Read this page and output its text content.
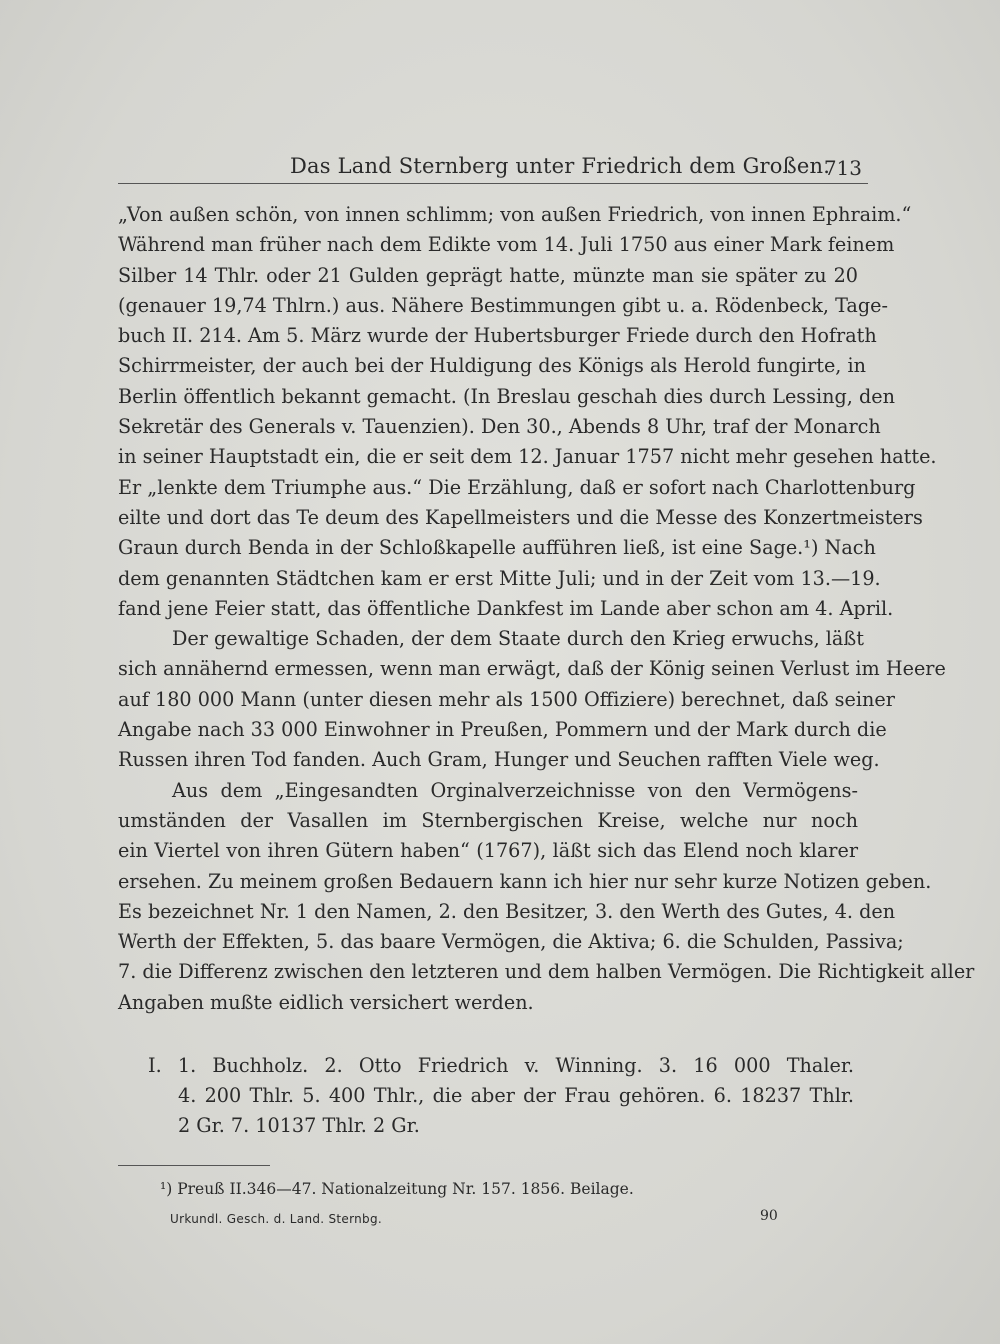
Das Land Sternberg unter Friedrich dem Großen.
713
„Von außen schön, von innen schlimm; von außen Friedrich, von innen Ephraim.“
Während man früher nach dem Edikte vom 14. Juli 1750 aus einer Mark feinem
Silber 14 Thlr. oder 21 Gulden geprägt hatte, münzte man sie später zu 20
(genauer 19,74 Thlrn.) aus. Nähere Bestimmungen gibt u. a. Rödenbeck, Tage-
buch II. 214. Am 5. März wurde der Hubertsburger Friede durch den Hofrath
Schirrmeister, der auch bei der Huldigung des Königs als Herold fungirte, in
Berlin öffentlich bekannt gemacht. (In Breslau geschah dies durch Lessing, den
Sekretär des Generals v. Tauenzien). Den 30., Abends 8 Uhr, traf der Monarch
in seiner Hauptstadt ein, die er seit dem 12. Januar 1757 nicht mehr gesehen hatte.
Er „lenkte dem Triumphe aus.“ Die Erzählung, daß er sofort nach Charlottenburg
eilte und dort das Te deum des Kapellmeisters und die Messe des Konzertmeisters
Graun durch Benda in der Schloßkapelle aufführen ließ, ist eine Sage.¹) Nach
dem genannten Städtchen kam er erst Mitte Juli; und in der Zeit vom 13.—19.
fand jene Feier statt, das öffentliche Dankfest im Lande aber schon am 4. April.
Der gewaltige Schaden, der dem Staate durch den Krieg erwuchs, läßt
sich annähernd ermessen, wenn man erwägt, daß der König seinen Verlust im Heere
auf 180 000 Mann (unter diesen mehr als 1500 Offiziere) berechnet, daß seiner
Angabe nach 33 000 Einwohner in Preußen, Pommern und der Mark durch die
Russen ihren Tod fanden. Auch Gram, Hunger und Seuchen rafften Viele weg.
Aus dem „Eingesandten Orginalverzeichnisse von den Vermögens-
umständen der Vasallen im Sternbergischen Kreise, welche nur noch
ein Viertel von ihren Gütern haben“ (1767), läßt sich das Elend noch klarer
ersehen. Zu meinem großen Bedauern kann ich hier nur sehr kurze Notizen geben.
Es bezeichnet Nr. 1 den Namen, 2. den Besitzer, 3. den Werth des Gutes, 4. den
Werth der Effekten, 5. das baare Vermögen, die Aktiva; 6. die Schulden, Passiva;
7. die Differenz zwischen den letzteren und dem halben Vermögen. Die Richtigkeit aller
Angaben mußte eidlich versichert werden.
I. 1. Buchholz. 2. Otto Friedrich v. Winning. 3. 16 000 Thaler.
4. 200 Thlr. 5. 400 Thlr., die aber der Frau gehören. 6. 18237 Thlr.
2 Gr. 7. 10137 Thlr. 2 Gr.
¹) Preuß II.346—47. Nationalzeitung Nr. 157. 1856. Beilage.
Urkundl. Gesch. d. Land. Sternbg.	90
